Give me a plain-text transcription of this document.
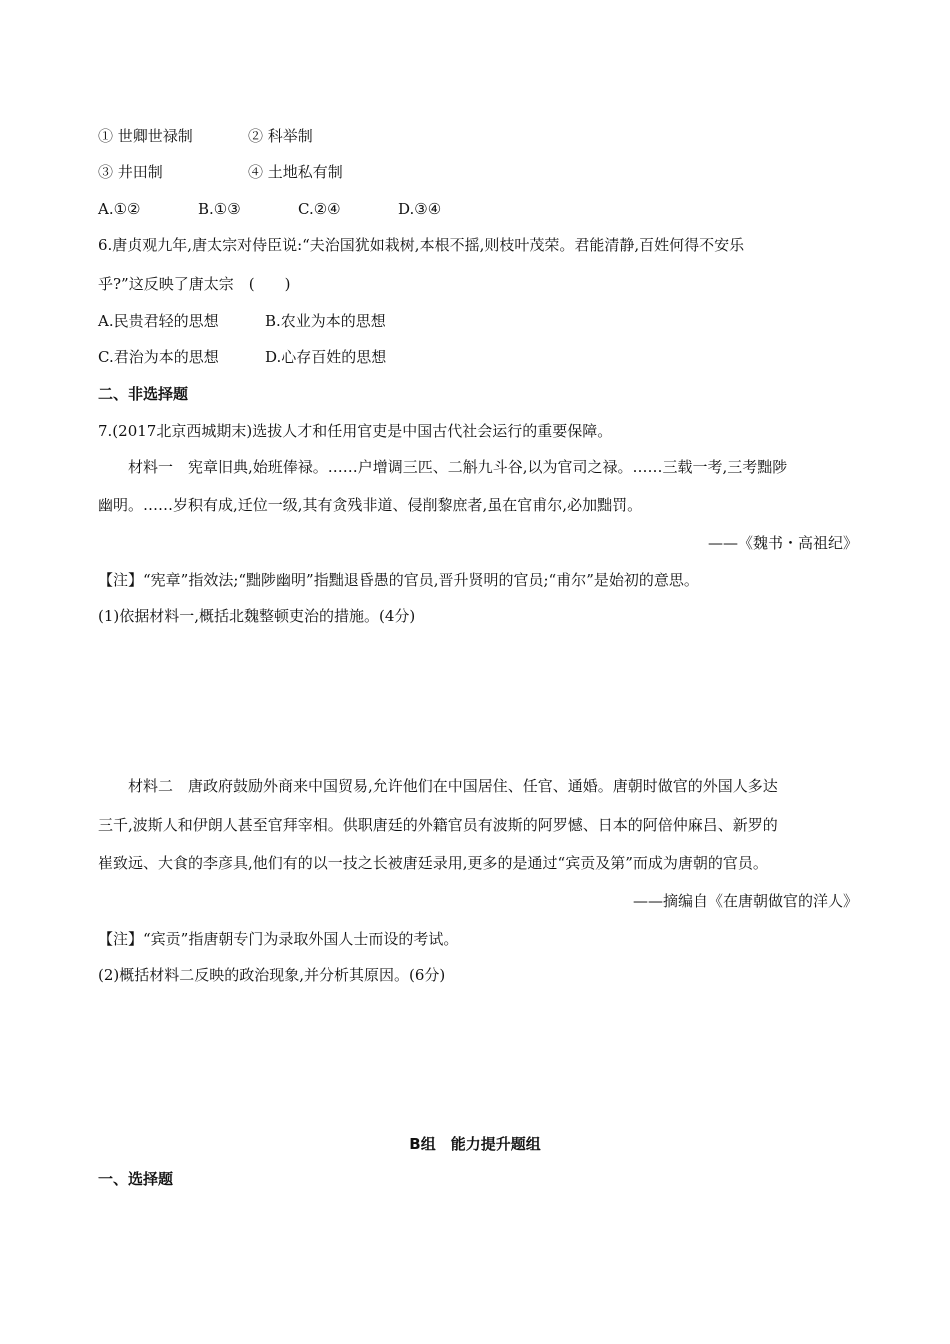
① 世卿世禄制	② 科举制
③ 井田制	④ 土地私有制
A.①②	B.①③	C.②④	D.③④
6.唐贞观九年,唐太宗对侍臣说:“夫治国犹如栽树,本根不摇,则枝叶茂荣。君能清静,百姓何得不安乐
乎?”这反映了唐太宗　(　　)
A.民贵君轻的思想	B.农业为本的思想
C.君治为本的思想	D.心存百姓的思想
二、非选择题
7.(2017北京西城期末)选拔人才和任用官吏是中国古代社会运行的重要保障。
材料一　宪章旧典,始班俸禄。……户增调三匹、二斛九斗谷,以为官司之禄。……三载一考,三考黜陟
幽明。……岁积有成,迁位一级,其有贪残非道、侵削黎庶者,虽在官甫尔,必加黜罚。
——《魏书・高祖纪》
【注】“宪章”指效法;“黜陟幽明”指黜退昏愚的官员,晋升贤明的官员;“甫尔”是始初的意思。
(1)依据材料一,概括北魏整顿吏治的措施。(4分)
材料二　唐政府鼓励外商来中国贸易,允许他们在中国居住、任官、通婚。唐朝时做官的外国人多达
三千,波斯人和伊朗人甚至官拜宰相。供职唐廷的外籍官员有波斯的阿罗憾、日本的阿倍仲麻吕、新罗的
崔致远、大食的李彦具,他们有的以一技之长被唐廷录用,更多的是通过“宾贡及第”而成为唐朝的官员。
——摘编自《在唐朝做官的洋人》
【注】“宾贡”指唐朝专门为录取外国人士而设的考试。
(2)概括材料二反映的政治现象,并分析其原因。(6分)
B组　能力提升题组
一、选择题
